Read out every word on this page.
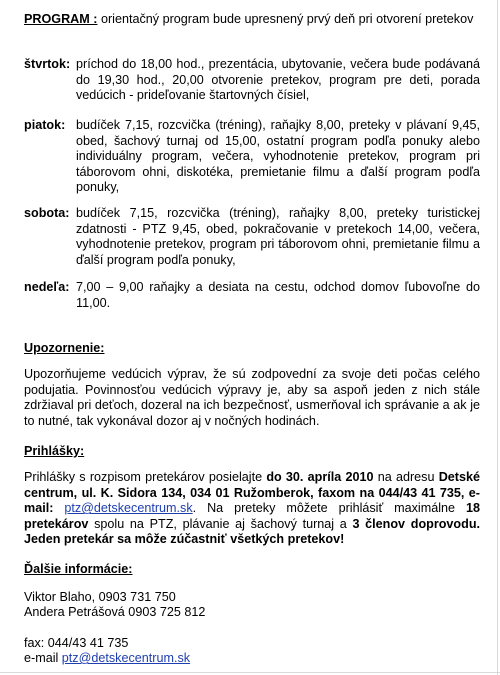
PROGRAM : orientačný program bude upresnený prvý deň pri otvorení pretekov

štvrtok: príchod do 18,00 hod., prezentácia, ubytovanie, večera bude podávaná do 19,30 hod., 20,00 otvorenie pretekov, program pre deti, porada vedúcich - prideľovanie štartovných čísiel,

piatok: budíček 7,15, rozcvička (tréning), raňajky 8,00, preteky v plávaní 9,45, obed, šachový turnaj od 15,00, ostatní program podľa ponuky alebo individuálny program, večera, vyhodnotenie pretekov, program pri táborovom ohni, diskotéka, premietanie filmu a ďalší program podľa ponuky,

sobota: budíček 7,15, rozcvička (tréning), raňajky 8,00, preteky turistickej zdatnosti - PTZ 9,45, obed, pokračovanie v pretekoch 14,00, večera, vyhodnotenie pretekov, program pri táborovom ohni, premietanie filmu a ďalší program podľa ponuky,

nedeľa: 7,00 – 9,00 raňajky a desiata na cestu, odchod domov ľubovoľne do 11,00.

Upozornenie:

Upozorňujeme vedúcich výprav, že sú zodpovední za svoje deti počas celého podujatia. Povinnosťou vedúcich výpravy je, aby sa aspoň jeden z nich stále zdržiaval pri deťoch, dozeral na ich bezpečnosť, usmerňoval ich správanie a ak je to nutné, tak vykonával dozor aj v nočných hodinách.

Prihlášky:

Prihlášky s rozpisom pretekárov posielajte do 30. apríla 2010 na adresu Detské centrum, ul. K. Sidora 134, 034 01 Ružomberok, faxom na 044/43 41 735, e-mail: ptz@detskecentrum.sk. Na preteky môžete prihlásiť maximálne 18 pretekárov spolu na PTZ, plávanie aj šachový turnaj a 3 členov doprovodu. Jeden pretekár sa môže zúčastniť všetkých pretekov!

Ďalšie informácie:

Viktor Blaho, 0903 731 750

Andera Petrášová 0903 725 812

fax: 044/43 41 735

e-mail ptz@detskecentrum.sk
